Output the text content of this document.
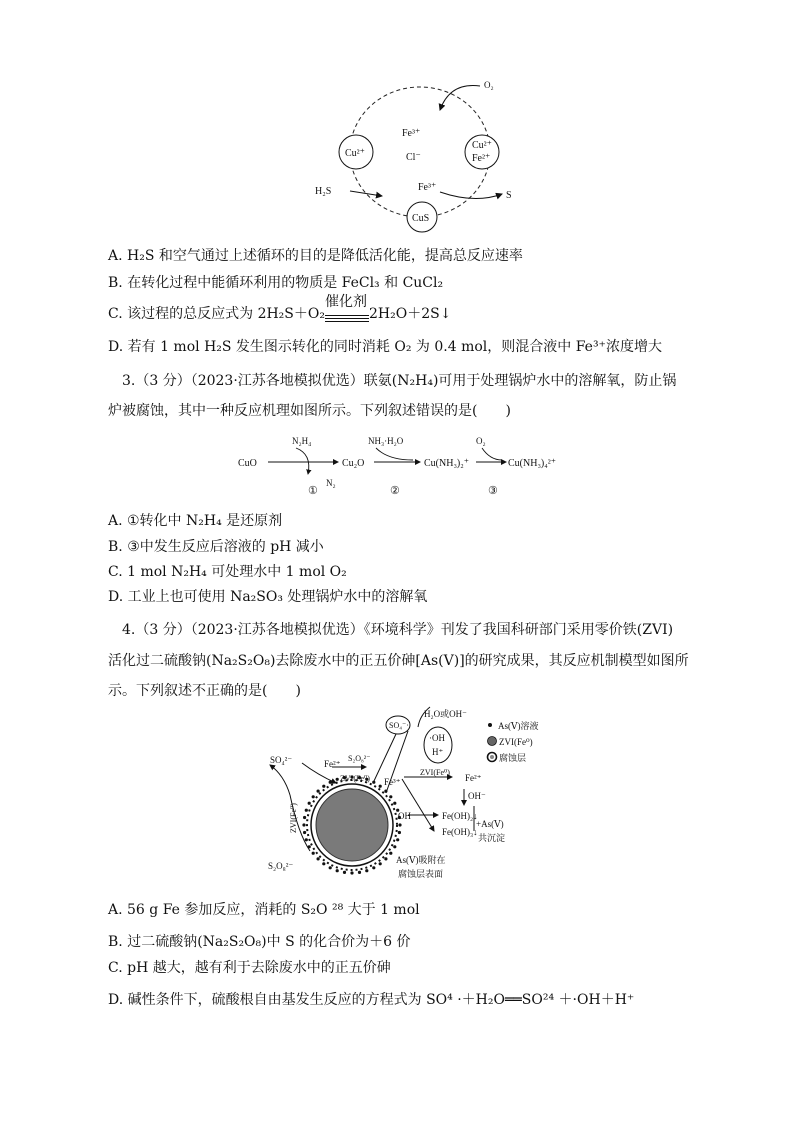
O₂
Fe³⁺
Cl⁻
Cu²⁺
Cu²⁺
Fe²⁺
H₂S	Fe³⁺
S
CuS
A. H₂S 和空气通过上述循环的目的是降低活化能，提高总反应速率
B. 在转化过程中能循环利用的物质是 FeCl₃ 和 CuCl₂
C. 该过程的总反应式为 2H₂S＋O₂
催化剂
2H₂O＋2S↓
D. 若有 1 mol H₂S 发生图示转化的同时消耗 O₂ 为 0.4 mol，则混合液中 Fe³⁺浓度增大
3.（3 分）（2023·江苏各地模拟优选）联氨(N₂H₄)可用于处理锅炉水中的溶解氧，防止锅
炉被腐蚀，其中一种反应机理如图所示。下列叙述错误的是(　　)
CuO
N₂H₄
N₂
Cu₂O
NH₃·H₂O
Cu(NH₃)₂⁺
O₂
Cu(NH₃)₄²⁺
①	②	③
A. ①转化中 N₂H₄ 是还原剂
B. ③中发生反应后溶液的 pH 减小
C. 1 mol N₂H₄ 可处理水中 1 mol O₂
D. 工业上也可使用 Na₂SO₃ 处理锅炉水中的溶解氧
4.（3 分）（2023·江苏各地模拟优选）《环境科学》刊发了我国科研部门采用零价铁(ZVI)
活化过二硫酸钠(Na₂S₂O₈)去除废水中的正五价砷[As(Ⅴ)]的研究成果，其反应机制模型如图所
示。下列叙述不正确的是(　　)
H₂O或OH⁻
SO₄⁻·
·OH
H⁺
As(Ⅴ)溶液
ZVI(Fe⁰)
腐蚀层
SO₄²⁻	Fe²⁺
S₂O₈²⁻
ZVI(Fe⁰) Fe³⁺
ZVI(Fe⁰)
Fe²⁺
OH⁻
OH⁻	Fe(OH)₂↓
Fe(OH)₃↓
+As(Ⅴ)
共沉淀
ZVI(Fe⁰)
S₂O₈²⁻
As(Ⅴ)吸附在
腐蚀层表面
A. 56 g Fe 参加反应，消耗的 S₂O ²⁸ 大于 1 mol
B. 过二硫酸钠(Na₂S₂O₈)中 S 的化合价为＋6 价
C. pH 越大，越有利于去除废水中的正五价砷
D. 碱性条件下，硫酸根自由基发生反应的方程式为 SO⁴ ·＋H₂O══SO²⁴ ＋·OH＋H⁺
